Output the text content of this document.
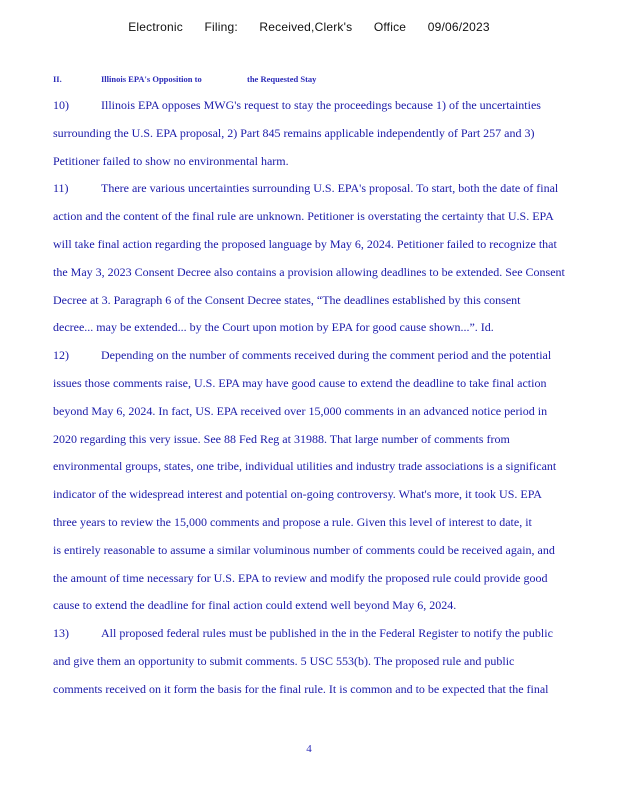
Electronic Filing: Received,Clerk's Office 09/06/2023
II.	Illinois EPA's Opposition to	the Requested Stay
10)	Illinois EPA opposes MWG's request to stay the proceedings because 1) of the uncertainties
surrounding the U.S. EPA proposal, 2) Part 845 remains applicable independently of Part 257 and 3)
Petitioner failed to show no environmental harm.
11)	There are various uncertainties surrounding U.S. EPA's proposal. To start, both the date of final
action and the content of the final rule are unknown. Petitioner is overstating the certainty that U.S. EPA
will take final action regarding the proposed language by May 6, 2024. Petitioner failed to recognize that
the May 3, 2023 Consent Decree also contains a provision allowing deadlines to be extended. See Consent
Decree at 3. Paragraph 6 of the Consent Decree states, “The deadlines established by this consent
decree... may be extended... by the Court upon motion by EPA for good cause shown...”. Id.
12)	Depending on the number of comments received during the comment period and the potential
issues those comments raise, U.S. EPA may have good cause to extend the deadline to take final action
beyond May 6, 2024. In fact, US. EPA received over 15,000 comments in an advanced notice period in
2020 regarding this very issue. See 88 Fed Reg at 31988. That large number of comments from
environmental groups, states, one tribe, individual utilities and industry trade associations is a significant
indicator of the widespread interest and potential on-going controversy. What's more, it took US. EPA
three years to review the 15,000 comments and propose a rule. Given this level of interest to date, it
is entirely reasonable to assume a similar voluminous number of comments could be received again, and
the amount of time necessary for U.S. EPA to review and modify the proposed rule could provide good
cause to extend the deadline for final action could extend well beyond May 6, 2024.
13)	All proposed federal rules must be published in the in the Federal Register to notify the public
and give them an opportunity to submit comments. 5 USC 553(b). The proposed rule and public
comments received on it form the basis for the final rule. It is common and to be expected that the final
4
